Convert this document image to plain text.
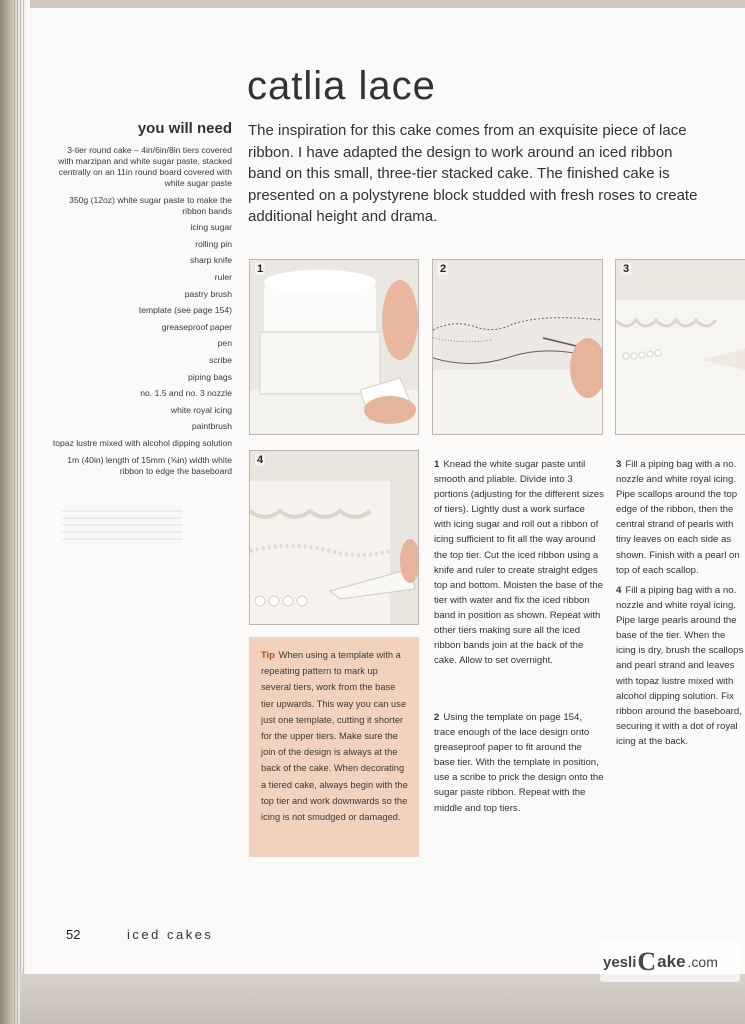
catlia lace

The inspiration for this cake comes from an exquisite piece of lace ribbon. I have adapted the design to work around an iced ribbon band on this small, three-tier stacked cake. The finished cake is presented on a polystyrene block studded with fresh roses to create additional height and drama.

you will need
3-tier round cake – 4in/6in/8in tiers covered with marzipan and white sugar paste, stacked centrally on an 11in round board covered with white sugar paste
350g (12oz) white sugar paste to make the ribbon bands
icing sugar
rolling pin
sharp knife
ruler
pastry brush
template (see page 154)
greaseproof paper
pen
scribe
piping bags
no. 1.5 and no. 3 nozzle
white royal icing
paintbrush
topaz lustre mixed with alcohol dipping solution
1m (40in) length of 15mm (⅝in) width white ribbon to edge the baseboard
1	2	3
4

Tip When using a template with a repeating pattern to mark up several tiers, work from the base tier upwards. This way you can use just one template, cutting it shorter for the upper tiers. Make sure the join of the design is always at the back of the cake. When decorating a tiered cake, always begin with the top tier and work downwards so the icing is not smudged or damaged.

1 Knead the white sugar paste until smooth and pliable. Divide into 3 portions (adjusting for the different sizes of tiers). Lightly dust a work surface with icing sugar and roll out a ribbon of icing sufficient to fit all the way around the top tier. Cut the iced ribbon using a knife and ruler to create straight edges top and bottom. Moisten the base of the tier with water and fix the iced ribbon band in position as shown. Repeat with other tiers making sure all the iced ribbon bands join at the back of the cake. Allow to set overnight.

2 Using the template on page 154, trace enough of the lace design onto greaseproof paper to fit around the base tier. With the template in position, use a scribe to prick the design onto the sugar paste ribbon. Repeat with the middle and top tiers.

3 Fill a piping bag with a no. nozzle and white royal icing. Pipe scallops around the top edge of the ribbon, then the central strand of pearls with tiny leaves on each side as shown. Finish with a pearl on top of each scallop.

4 Fill a piping bag with a no. nozzle and white royal icing. Pipe large pearls around the base of the tier. When the icing is dry, brush the scallops and pearl strand and leaves with topaz lustre mixed with alcohol dipping solution. Fix ribbon around the baseboard, securing it with a dot of royal icing at the back.

52	iced cakes
yesli C ake .com
